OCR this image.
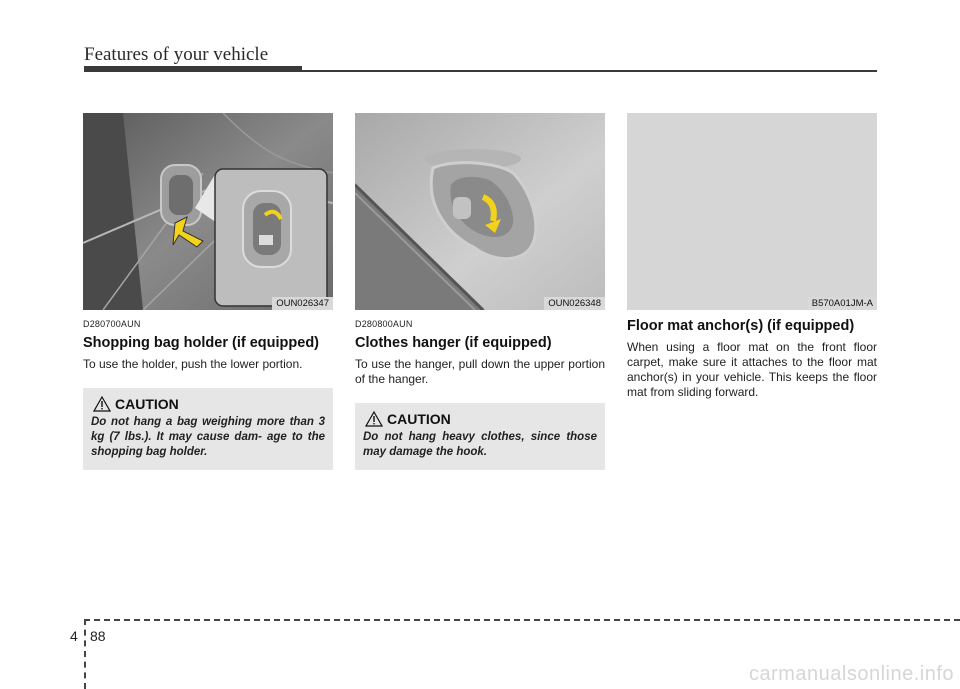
Features of your vehicle
OUN026347
D280700AUN
Shopping bag holder (if equipped)
To use the holder, push the lower portion.
CAUTION
Do not hang a bag weighing more than 3 kg (7 lbs.). It may cause dam- age to the shopping bag holder.
OUN026348
D280800AUN
Clothes hanger (if equipped)
To use the hanger, pull down the upper portion of the hanger.
CAUTION
Do not hang heavy clothes, since those may damage the hook.
B570A01JM-A
Floor mat anchor(s) (if equipped)
When using a floor mat on the front floor carpet, make sure it attaches to the floor mat anchor(s) in your vehicle. This keeps the floor mat from sliding forward.
4 88
carmanualsonline.info
